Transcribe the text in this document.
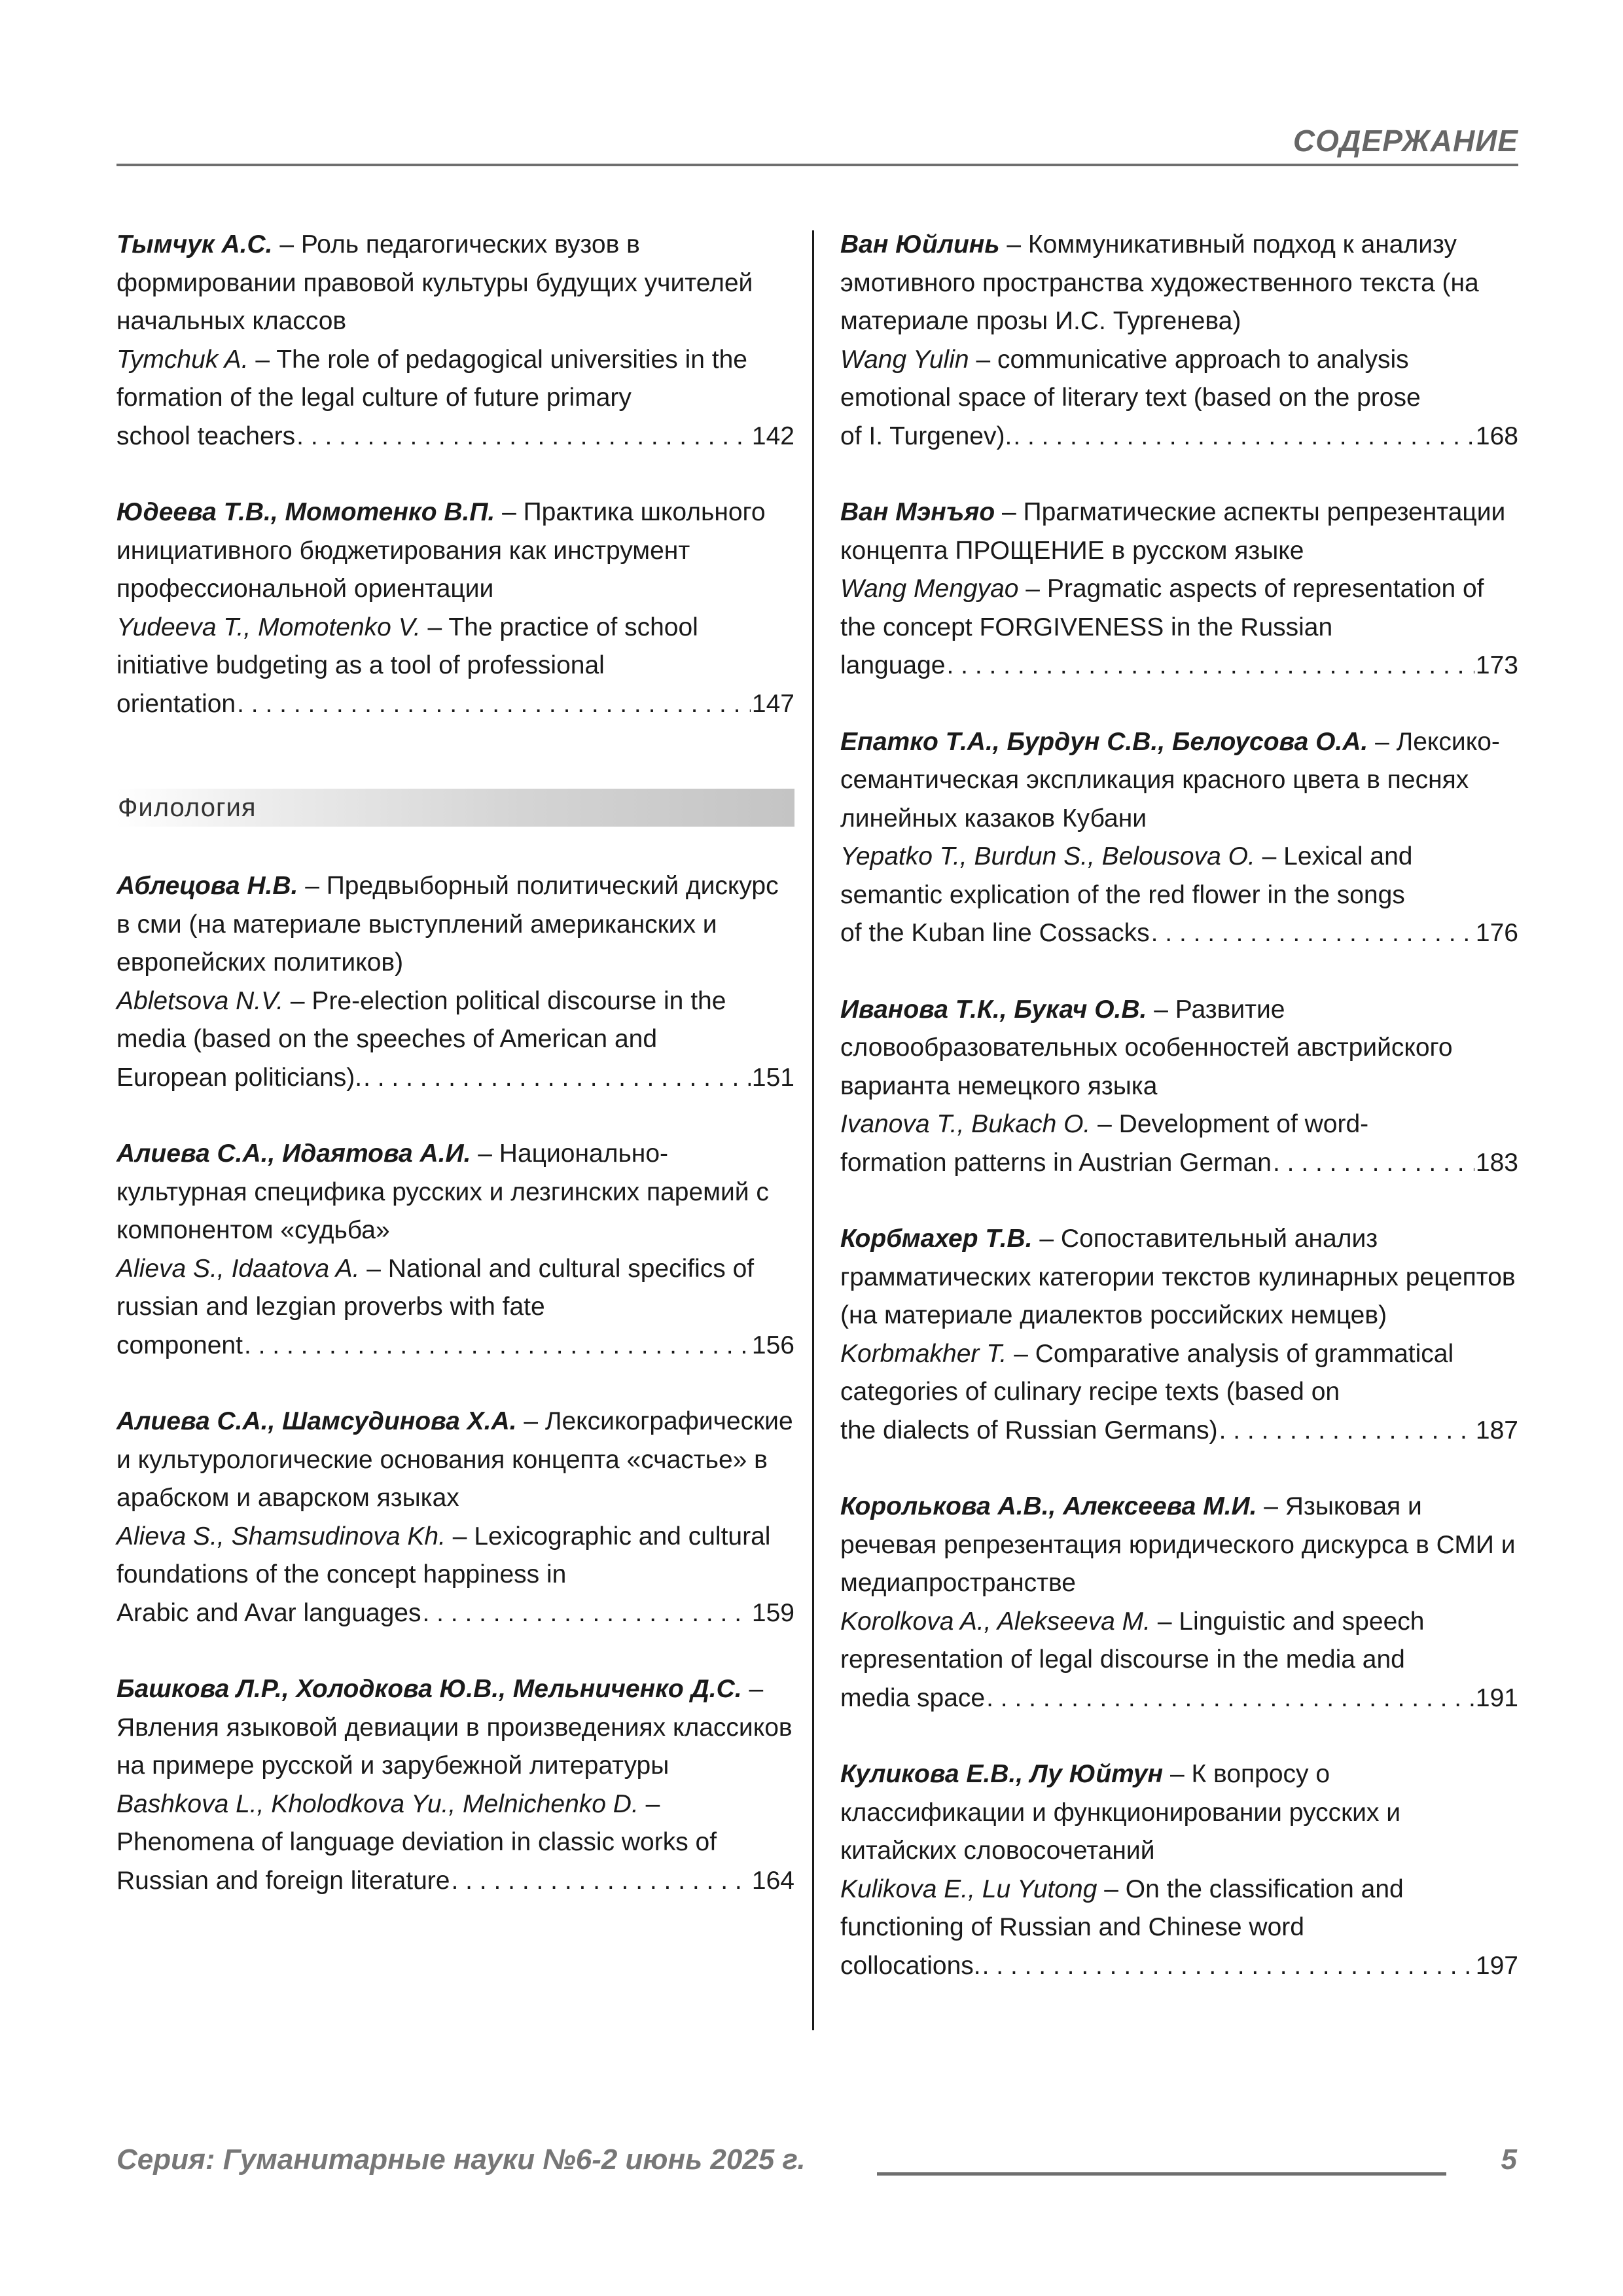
СОДЕРЖАНИЕ
Тымчук А.С. – Роль педагогических вузов в формировании правовой культуры будущих учителей начальных классов
Tymchuk A. – The role of pedagogical universities in the formation of the legal culture of future primary
school teachers . . .	142
Юдеева Т.В., Момотенко В.П. – Практика школьного инициативного бюджетирования как инструмент профессиональной ориентации
Yudeeva T., Momotenko V. – The practice of school initiative budgeting as a tool of professional
orientation . . .	147
Филология
Аблецова Н.В. – Предвыборный политический дискурс в сми (на материале выступлений американских и европейских политиков)
Abletsova N.V. – Pre-election political discourse in the media (based on the speeches of American and
European politicians). . . .	151
Алиева С.А., Идаятова А.И. – Национально-культурная специфика русских и лезгинских паремий с компонентом «судьба»
Alieva S., Idaatova A. – National and cultural specifics of russian and lezgian proverbs with fate
component . . .	156
Алиева С.А., Шамсудинова Х.А. – Лексикографические и культурологические основания концепта «счастье» в арабском и аварском языках
Alieva S., Shamsudinova Kh. – Lexicographic and cultural foundations of the concept happiness in
Arabic and Avar languages . . .	159
Башкова Л.Р., Холодкова Ю.В., Мельниченко Д.С. – Явления языковой девиации в произведениях классиков на примере русской и зарубежной литературы
Bashkova L., Kholodkova Yu., Melnichenko D. – Phenomena of language deviation in classic works of
Russian and foreign literature . . .	164
Ван Юйлинь – Коммуникативный подход к анализу эмотивного пространства художественного текста (на материале прозы И.С. Тургенева)
Wang Yulin – communicative approach to analysis emotional space of literary text (based on the prose
of I. Turgenev). . . .	168
Ван Мэнъяо – Прагматические аспекты репрезентации концепта ПРОЩЕНИЕ в русском языке
Wang Mengyao – Pragmatic aspects of representation of the concept FORGIVENESS in the Russian
language . . .	173
Епатко Т.А., Бурдун С.В., Белоусова О.А. – Лексико-семантическая экспликация красного цвета в песнях линейных казаков Кубани
Yepatko T., Burdun S., Belousova O. – Lexical and semantic explication of the red flower in the songs
of the Kuban line Cossacks . . .	176
Иванова Т.К., Букач О.В. – Развитие словообразовательных особенностей австрийского варианта немецкого языка
Ivanova T., Bukach O. – Development of word-
formation patterns in Austrian German . . .	183
Корбмахер Т.В. – Сопоставительный анализ грамматических категории текстов кулинарных рецептов (на материале диалектов российских немцев)
Korbmakher T. – Comparative analysis of grammatical categories of culinary recipe texts (based on
the dialects of Russian Germans) . . .	187
Королькова А.В., Алексеева М.И. – Языковая и речевая репрезентация юридического дискурса в СМИ и медиапространстве
Korolkova A., Alekseeva M. – Linguistic and speech representation of legal discourse in the media and
media space . . .	191
Куликова Е.В., Лу Юйтун – К вопросу о классификации и функционировании русских и китайских словосочетаний
Kulikova E., Lu Yutong – On the classification and functioning of Russian and Chinese word
collocations. . . .	197
Серия: Гуманитарные науки №6-2 июнь 2025 г.	5
